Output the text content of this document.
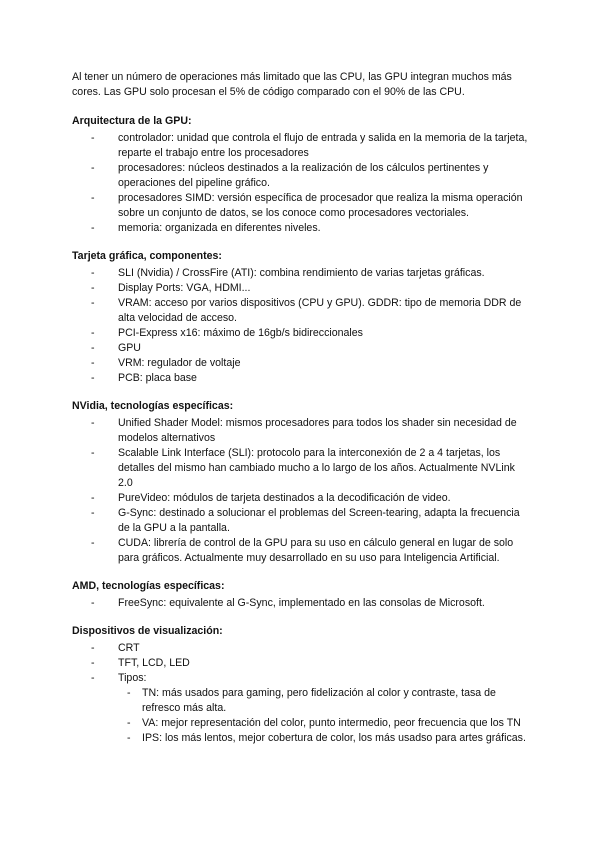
Al tener un número de operaciones más limitado que las CPU, las GPU integran muchos más cores. Las GPU solo procesan el 5% de código comparado con el 90% de las CPU.

Arquitectura de la GPU:
- controlador: unidad que controla el flujo de entrada y salida en la memoria de la tarjeta, reparte el trabajo entre los procesadores
- procesadores: núcleos destinados a la realización de los cálculos pertinentes y operaciones del pipeline gráfico.
- procesadores SIMD: versión específica de procesador que realiza la misma operación sobre un conjunto de datos, se los conoce como procesadores vectoriales.
- memoria: organizada en diferentes niveles.
Tarjeta gráfica, componentes:
- SLI (Nvidia) / CrossFire (ATI): combina rendimiento de varias tarjetas gráficas.
- Display Ports: VGA, HDMI...
- VRAM: acceso por varios dispositivos (CPU y GPU). GDDR: tipo de memoria DDR de alta velocidad de acceso.
- PCI-Express x16: máximo de 16gb/s bidireccionales
- GPU
- VRM: regulador de voltaje
- PCB: placa base
NVidia, tecnologías específicas:
- Unified Shader Model: mismos procesadores para todos los shader sin necesidad de modelos alternativos
- Scalable Link Interface (SLI): protocolo para la interconexión de 2 a 4 tarjetas, los detalles del mismo han cambiado mucho a lo largo de los años. Actualmente NVLink 2.0
- PureVideo: módulos de tarjeta destinados a la decodificación de video.
- G-Sync: destinado a solucionar el problemas del Screen-tearing, adapta la frecuencia de la GPU a la pantalla.
- CUDA: librería de control de la GPU para su uso en cálculo general en lugar de solo para gráficos. Actualmente muy desarrollado en su uso para Inteligencia Artificial.
AMD, tecnologías específicas:
- FreeSync: equivalente al G-Sync, implementado en las consolas de Microsoft.
Dispositivos de visualización:
- CRT
- TFT, LCD, LED
- Tipos:
- TN: más usados para gaming, pero fidelización al color y contraste, tasa de refresco más alta.
- VA: mejor representación del color, punto intermedio, peor frecuencia que los TN
- IPS: los más lentos, mejor cobertura de color, los más usadso para artes gráficas.
